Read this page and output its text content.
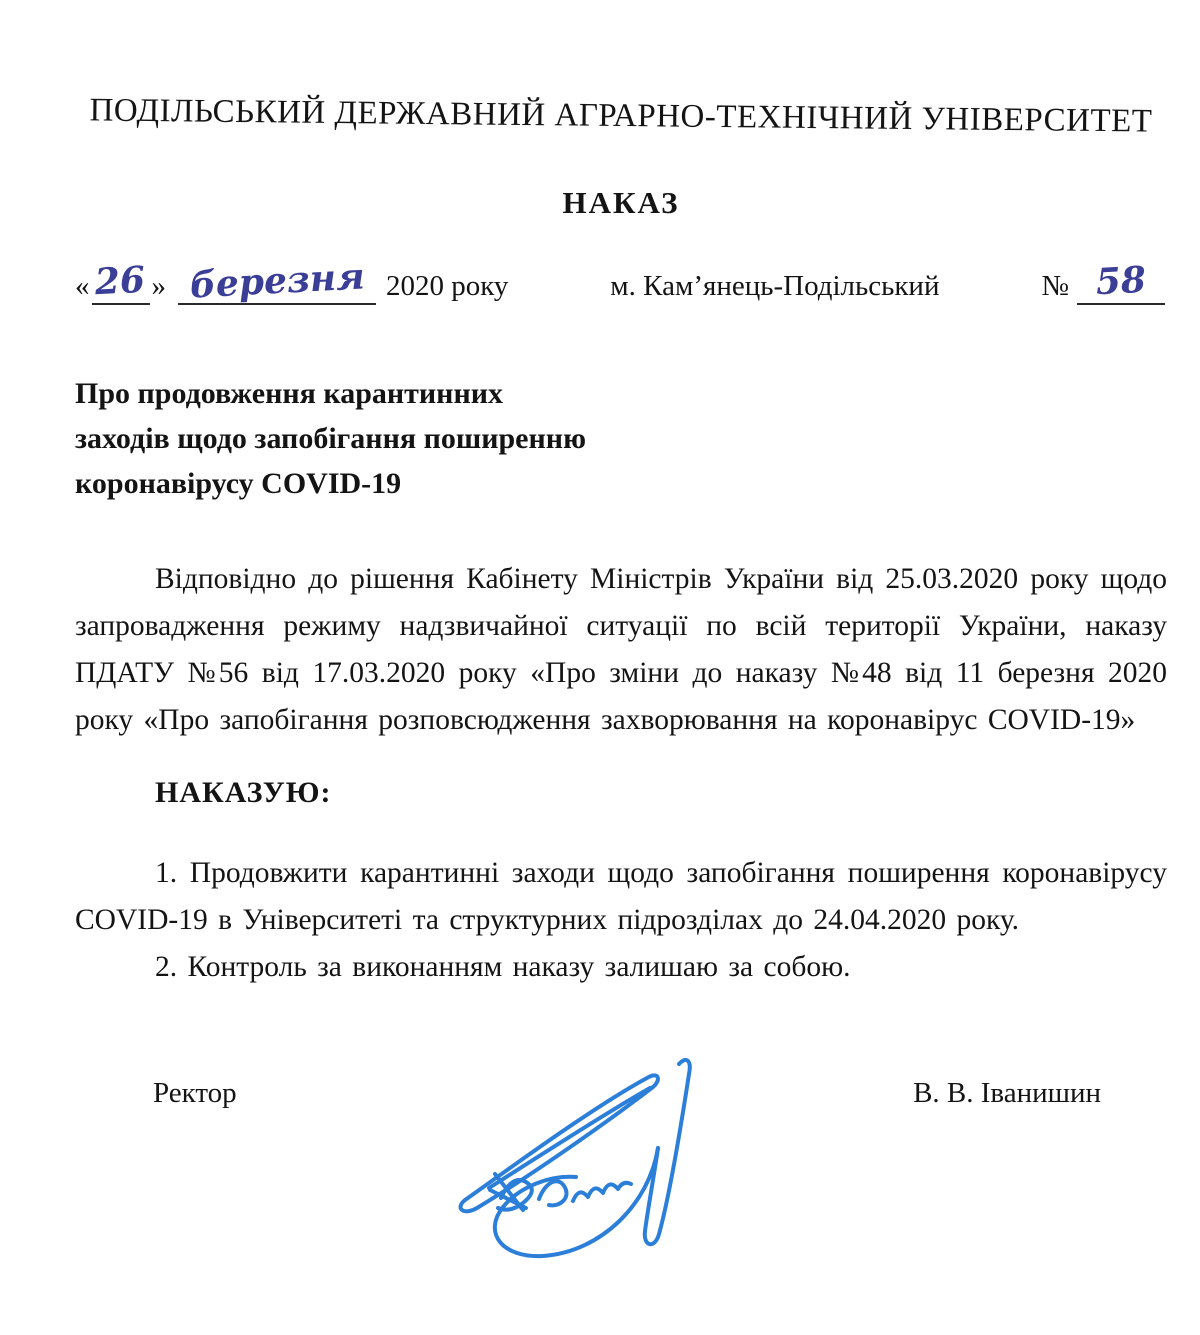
ПОДІЛЬСЬКИЙ ДЕРЖАВНИЙ АГРАРНО-ТЕХНІЧНИЙ УНІВЕРСИТЕТ
НАКАЗ
« 26 » березня 2020 року	м. Кам’янець-Подільський	№ 58
Про продовження карантинних
заходів щодо запобігання поширенню
коронавірусу COVID-19

Відповідно до рішення Кабінету Міністрів України від 25.03.2020 року щодо запровадження режиму надзвичайної ситуації по всій території України, наказу ПДАТУ №56 від 17.03.2020 року «Про зміни до наказу №48 від 11 березня 2020 року «Про запобігання розповсюдження захворювання на коронавірус COVID-19»

НАКАЗУЮ:

1. Продовжити карантинні заходи щодо запобігання поширення коронавірусу COVID-19 в Університеті та структурних підрозділах до 24.04.2020 року.

2. Контроль за виконанням наказу залишаю за собою.

Ректор	В. В. Іванишин
